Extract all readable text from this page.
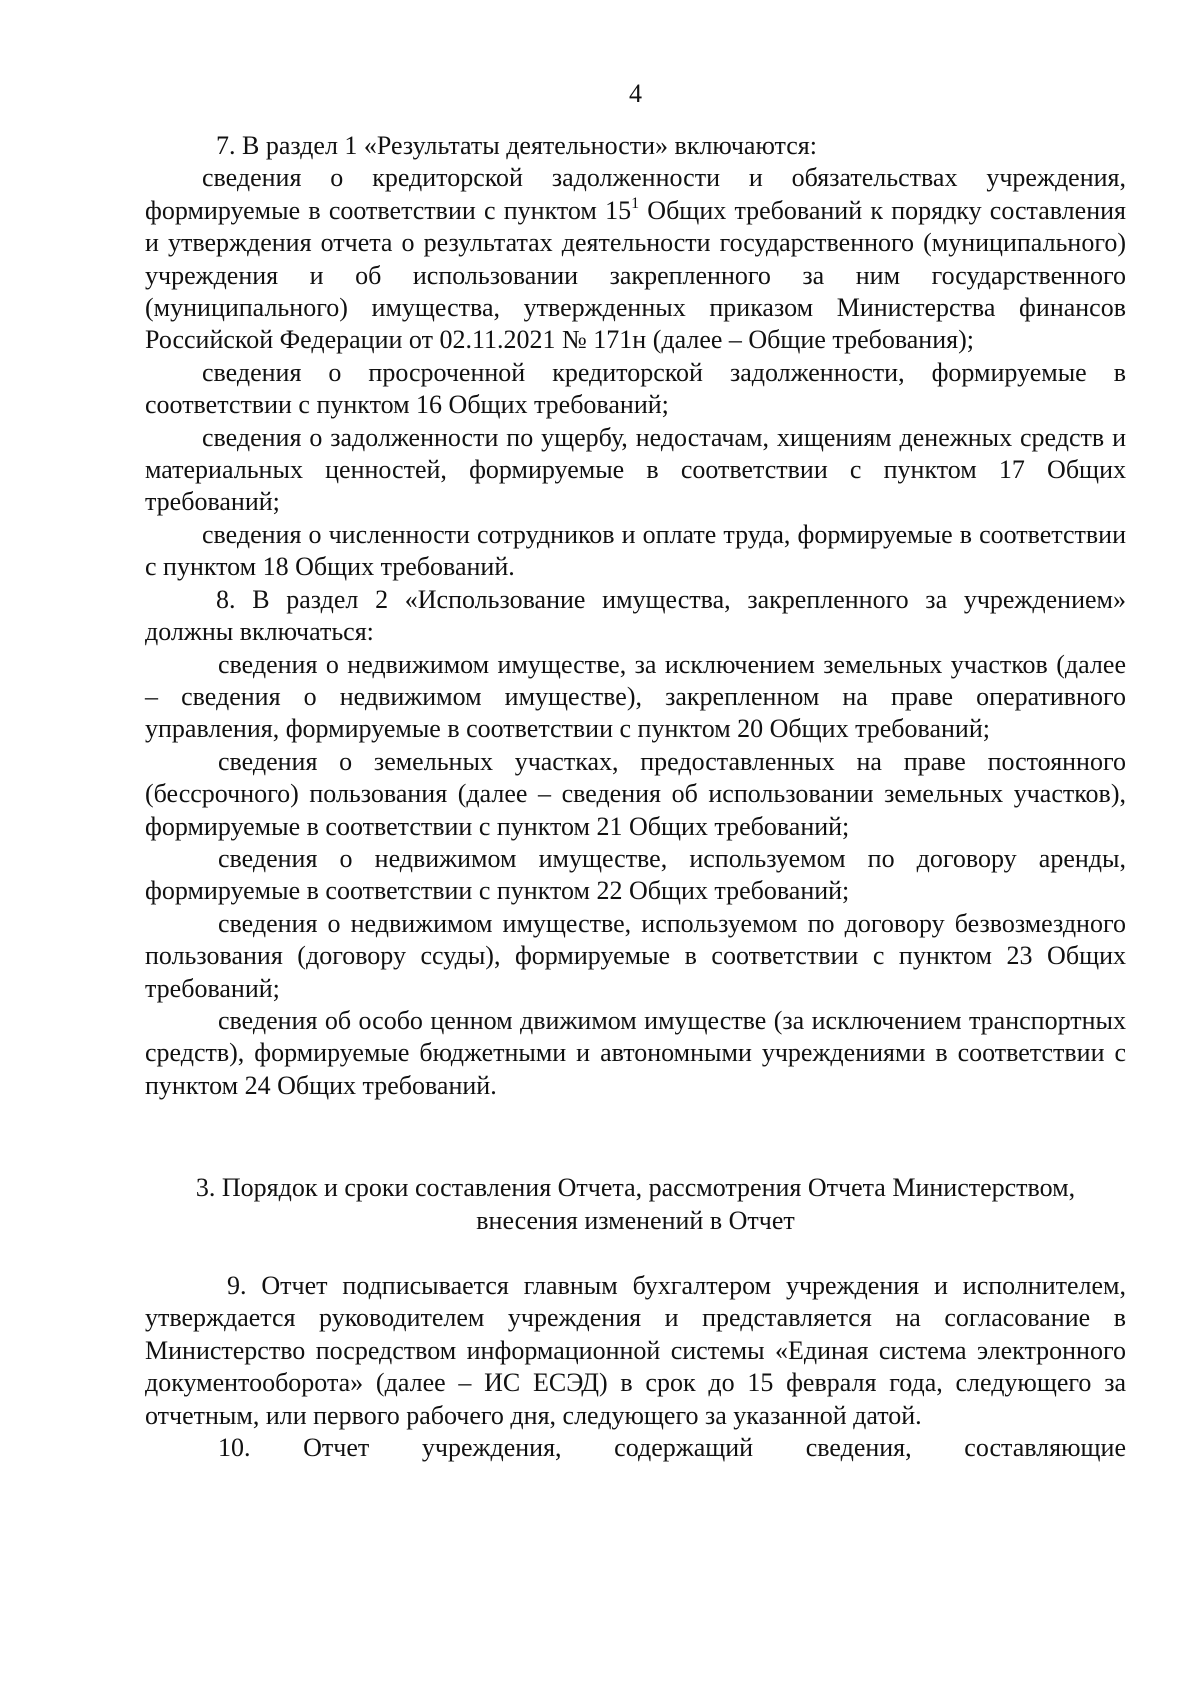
4

7. В раздел 1 «Результаты деятельности» включаются:

сведения о кредиторской задолженности и обязательствах учреждения, формируемые в соответствии с пунктом $15^1$ Общих требований к порядку составления и утверждения отчета о результатах деятельности государственного (муниципального) учреждения и об использовании закрепленного за ним государственного (муниципального) имущества, утвержденных приказом Министерства финансов Российской Федерации от 02.11.2021 № 171н (далее – Общие требования);

сведения о просроченной кредиторской задолженности, формируемые в соответствии с пунктом 16 Общих требований;

сведения о задолженности по ущербу, недостачам, хищениям денежных средств и материальных ценностей, формируемые в соответствии с пунктом 17 Общих требований;

сведения о численности сотрудников и оплате труда, формируемые в соответствии с пунктом 18 Общих требований.

8. В раздел 2 «Использование имущества, закрепленного за учреждением» должны включаться:

сведения о недвижимом имуществе, за исключением земельных участков (далее – сведения о недвижимом имуществе), закрепленном на праве оперативного управления, формируемые в соответствии с пунктом 20 Общих требований;

сведения о земельных участках, предоставленных на праве постоянного (бессрочного) пользования (далее – сведения об использовании земельных участков), формируемые в соответствии с пунктом 21 Общих требований;

сведения о недвижимом имуществе, используемом по договору аренды, формируемые в соответствии с пунктом 22 Общих требований;

сведения о недвижимом имуществе, используемом по договору безвозмездного пользования (договору ссуды), формируемые в соответствии с пунктом 23 Общих требований;

сведения об особо ценном движимом имуществе (за исключением транспортных средств), формируемые бюджетными и автономными учреждениями в соответствии с пунктом 24 Общих требований.

3. Порядок и сроки составления Отчета, рассмотрения Отчета Министерством,
внесения изменений в Отчет

9. Отчет подписывается главным бухгалтером учреждения и исполнителем, утверждается руководителем учреждения и представляется на согласование в Министерство посредством информационной системы «Единая система электронного документооборота» (далее – ИС ЕСЭД) в срок до 15 февраля года, следующего за отчетным, или первого рабочего дня, следующего за указанной датой.

10. Отчет учреждения, содержащий сведения, составляющие
